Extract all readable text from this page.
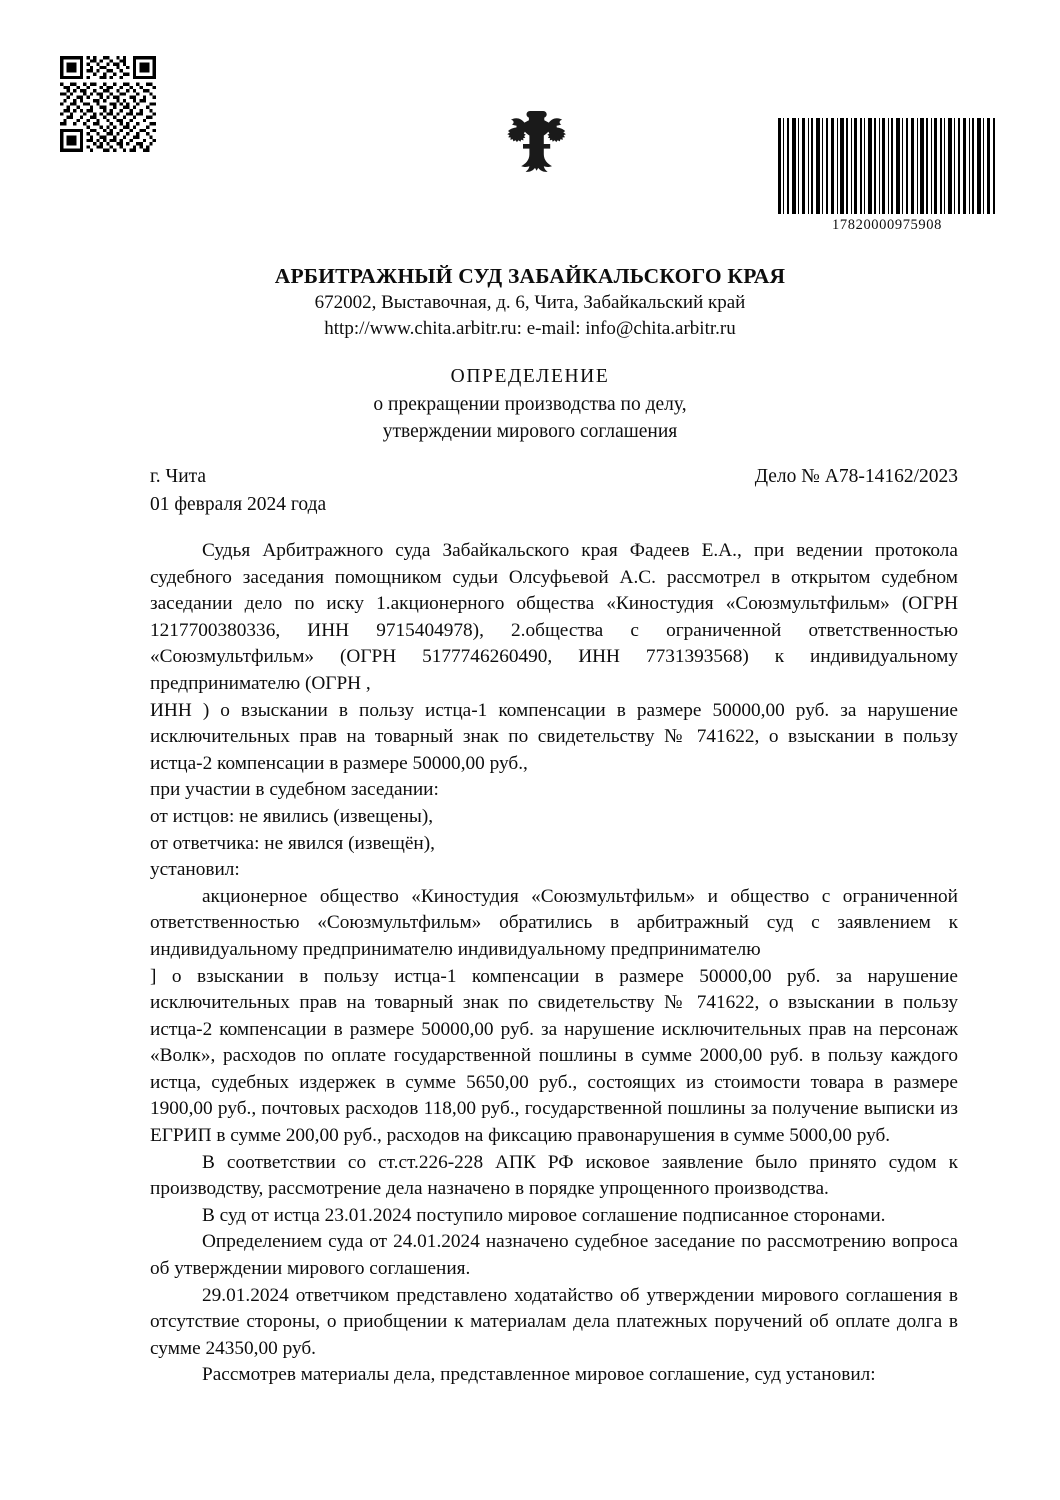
17820000975908
АРБИТРАЖНЫЙ СУД ЗАБАЙКАЛЬСКОГО КРАЯ
672002, Выставочная, д. 6, Чита, Забайкальский край
http://www.chita.arbitr.ru: e-mail: info@chita.arbitr.ru
ОПРЕДЕЛЕНИЕ
о прекращении производства по делу,
утверждении мирового соглашения
г. Чита	Дело № А78-14162/2023
01 февраля 2024 года

Судья Арбитражного суда Забайкальского края Фадеев Е.А., при ведении протокола судебного заседания помощником судьи Олсуфьевой А.С. рассмотрел в открытом судебном заседании дело по иску 1.акционерного общества «Киностудия «Союзмультфильм» (ОГРН 1217700380336, ИНН 9715404978), 2.общества с ограниченной ответственностью «Союзмультфильм» (ОГРН 5177746260490, ИНН 7731393568) к индивидуальному предпринимателю (ОГРН ,

ИНН ) о взыскании в пользу истца-1 компенсации в размере 50000,00 руб. за нарушение исключительных прав на товарный знак по свидетельству № 741622, о взыскании в пользу истца-2 компенсации в размере 50000,00 руб.,

при участии в судебном заседании:

от истцов: не явились (извещены),

от ответчика: не явился (извещён),

установил:

акционерное общество «Киностудия «Союзмультфильм» и общество с ограниченной ответственностью «Союзмультфильм» обратились в арбитражный суд с заявлением к индивидуальному предпринимателю индивидуальному предпринимателю

] о взыскании в пользу истца-1 компенсации в размере 50000,00 руб. за нарушение исключительных прав на товарный знак по свидетельству № 741622, о взыскании в пользу истца-2 компенсации в размере 50000,00 руб. за нарушение исключительных прав на персонаж «Волк», расходов по оплате государственной пошлины в сумме 2000,00 руб. в пользу каждого истца, судебных издержек в сумме 5650,00 руб., состоящих из стоимости товара в размере 1900,00 руб., почтовых расходов 118,00 руб., государственной пошлины за получение выписки из ЕГРИП в сумме 200,00 руб., расходов на фиксацию правонарушения в сумме 5000,00 руб.

В соответствии со ст.ст.226-228 АПК РФ исковое заявление было принято судом к производству, рассмотрение дела назначено в порядке упрощенного производства.

В суд от истца 23.01.2024 поступило мировое соглашение подписанное сторонами.

Определением суда от 24.01.2024 назначено судебное заседание по рассмотрению вопроса об утверждении мирового соглашения.

29.01.2024 ответчиком представлено ходатайство об утверждении мирового соглашения в отсутствие стороны, о приобщении к материалам дела платежных поручений об оплате долга в сумме 24350,00 руб.

Рассмотрев материалы дела, представленное мировое соглашение, суд установил:
